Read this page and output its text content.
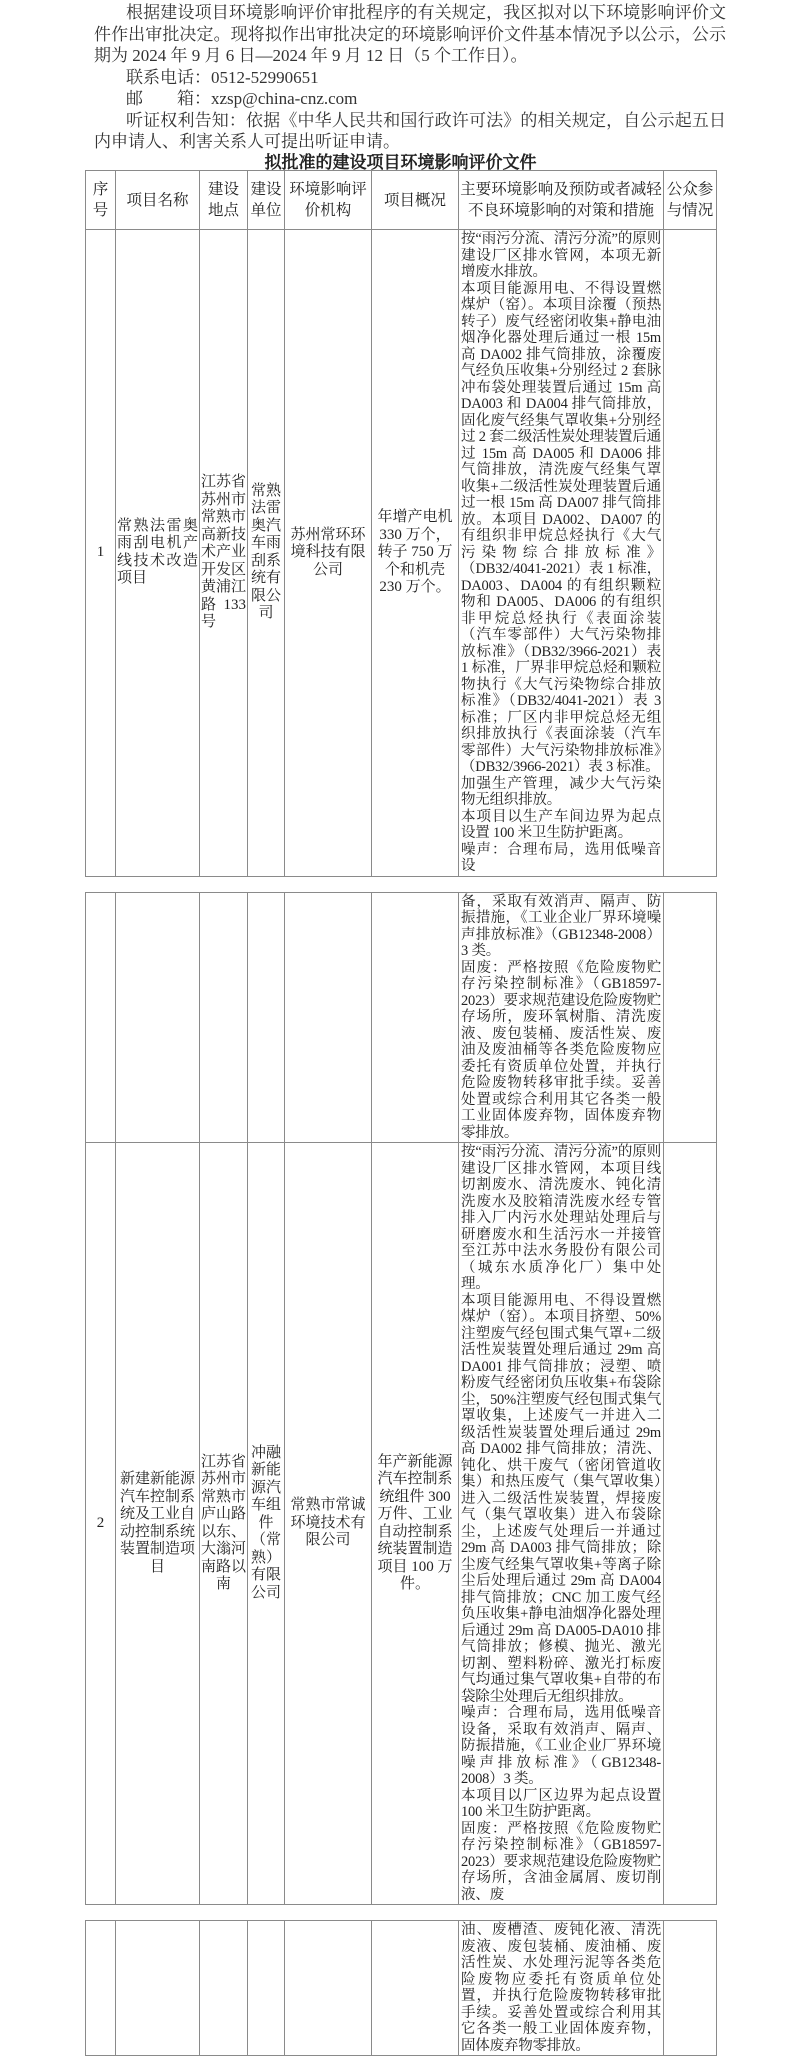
根据建设项目环境影响评价审批程序的有关规定，我区拟对以下环境影响评价文件作出审批决定。现将拟作出审批决定的环境影响评价文件基本情况予以公示，公示期为 2024 年 9 月 6 日—2024 年 9 月 12 日（5 个工作日）。

联系电话：0512-52990651

邮　　箱：xzsp@china-cnz.com

听证权利告知：依据《中华人民共和国行政许可法》的相关规定，自公示起五日内申请人、利害关系人可提出听证申请。

拟批准的建设项目环境影响评价文件
序号	项目名称	建设地点	建设单位	环境影响评价机构	项目概况	主要环境影响及预防或者减轻不良环境影响的对策和措施	公众参与情况
1	常熟法雷奥雨刮电机产线技术改造项目	江苏省苏州市常熟市高新技术产业开发区黄浦江路 133 号	常熟法雷奥汽车雨刮系统有限公司	苏州常环环境科技有限公司	年增产电机 330 万个，转子 750 万个和机壳 230 万个。	按“雨污分流、清污分流”的原则建设厂区排水管网，本项无新增废水排放。

本项目能源用电、不得设置燃煤炉（窑）。本项目涂覆（预热转子）废气经密闭收集+静电油烟净化器处理后通过一根 15m 高 DA002 排气筒排放，涂覆废气经负压收集+分别经过 2 套脉冲布袋处理装置后通过 15m 高 DA003 和 DA004 排气筒排放，固化废气经集气罩收集+分别经过 2 套二级活性炭处理装置后通过 15m 高 DA005 和 DA006 排气筒排放，清洗废气经集气罩收集+二级活性炭处理装置后通过一根 15m 高 DA007 排气筒排放。本项目 DA002、DA007 的有组织非甲烷总烃执行《大气污染物综合排放标准》（DB32/4041-2021）表 1 标准，DA003、DA004 的有组织颗粒物和 DA005、DA006 的有组织非甲烷总烃执行《表面涂装（汽车零部件）大气污染物排放标准》（DB32/3966-2021）表 1 标准，厂界非甲烷总烃和颗粒物执行《大气污染物综合排放标准》（DB32/4041-2021）表 3 标准；厂区内非甲烷总烃无组织排放执行《表面涂装（汽车零部件）大气污染物排放标准》（DB32/3966-2021）表 3 标准。

加强生产管理，减少大气污染物无组织排放。

本项目以生产车间边界为起点设置 100 米卫生防护距离。

噪声：合理布局，选用低噪音设	

						备，采取有效消声、隔声、防振措施，《工业企业厂界环境噪声排放标准》（GB12348-2008）3 类。

固废：严格按照《危险废物贮存污染控制标准》（GB18597-2023）要求规范建设危险废物贮存场所，废环氧树脂、清洗废液、废包装桶、废活性炭、废油及废油桶等各类危险废物应委托有资质单位处置，并执行危险废物转移审批手续。妥善处置或综合利用其它各类一般工业固体废弃物，固体废弃物零排放。	

2	新建新能源汽车控制系统及工业自动控制系统装置制造项目	江苏省苏州市常熟市庐山路以东、大滃河南路以南	冲融新能源汽车组件（常熟）有限公司	常熟市常诚环境技术有限公司	年产新能源汽车控制系统组件 300 万件、工业自动控制系统装置制造项目 100 万件。	按“雨污分流、清污分流”的原则建设厂区排水管网，本项目线切割废水、清洗废水、钝化清洗废水及胶箱清洗废水经专管排入厂内污水处理站处理后与研磨废水和生活污水一并接管至江苏中法水务股份有限公司（城东水质净化厂）集中处理。

本项目能源用电、不得设置燃煤炉（窑）。本项目挤塑、50%注塑废气经包围式集气罩+二级活性炭装置处理后通过 29m 高 DA001 排气筒排放；浸塑、喷粉废气经密闭负压收集+布袋除尘，50%注塑废气经包围式集气罩收集，上述废气一并进入二级活性炭装置处理后通过 29m 高 DA002 排气筒排放；清洗、钝化、烘干废气（密闭管道收集）和热压废气（集气罩收集）进入二级活性炭装置，焊接废气（集气罩收集）进入布袋除尘，上述废气处理后一并通过 29m 高 DA003 排气筒排放；除尘废气经集气罩收集+等离子除尘后处理后通过 29m 高 DA004 排气筒排放；CNC 加工废气经负压收集+静电油烟净化器处理后通过 29m 高 DA005-DA010 排气筒排放；修模、抛光、激光切割、塑料粉碎、激光打标废气均通过集气罩收集+自带的布袋除尘处理后无组织排放。

噪声：合理布局，选用低噪音设备，采取有效消声、隔声、防振措施，《工业企业厂界环境噪声排放标准》（GB12348-2008）3 类。

本项目以厂区边界为起点设置 100 米卫生防护距离。

固废：严格按照《危险废物贮存污染控制标准》（GB18597-2023）要求规范建设危险废物贮存场所，含油金属屑、废切削液、废	

油、废槽渣、废钝化液、清洗废液、废包装桶、废油桶、废活性炭、水处理污泥等各类危险废物应委托有资质单位处置，并执行危险废物转移审批手续。妥善处置或综合利用其它各类一般工业固体废弃物，固体废弃物零排放。
